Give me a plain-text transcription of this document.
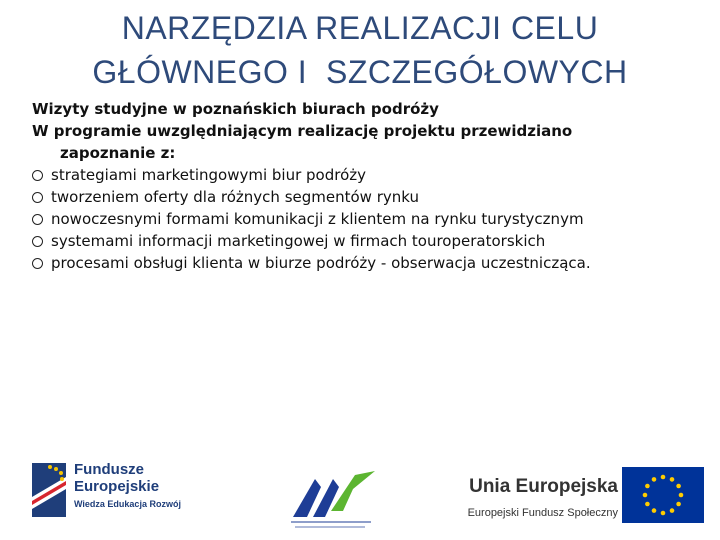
NARZĘDZIA REALIZACJI CELU
GŁÓWNEGO I  SZCZEGÓŁOWYCH
Wizyty studyjne w poznańskich biurach podróży
W programie uwzględniającym realizację projektu przewidziano
zapoznanie z:
strategiami marketingowymi biur podróży
tworzeniem oferty dla różnych segmentów rynku
nowoczesnymi formami komunikacji z klientem na rynku turystycznym
systemami informacji marketingowej w firmach touroperatorskich
procesami obsługi klienta w biurze podróży - obserwacja uczestnicząca.
Fundusze
Europejskie
Wiedza Edukacja Rozwój
Unia Europejska
Europejski Fundusz Społeczny
